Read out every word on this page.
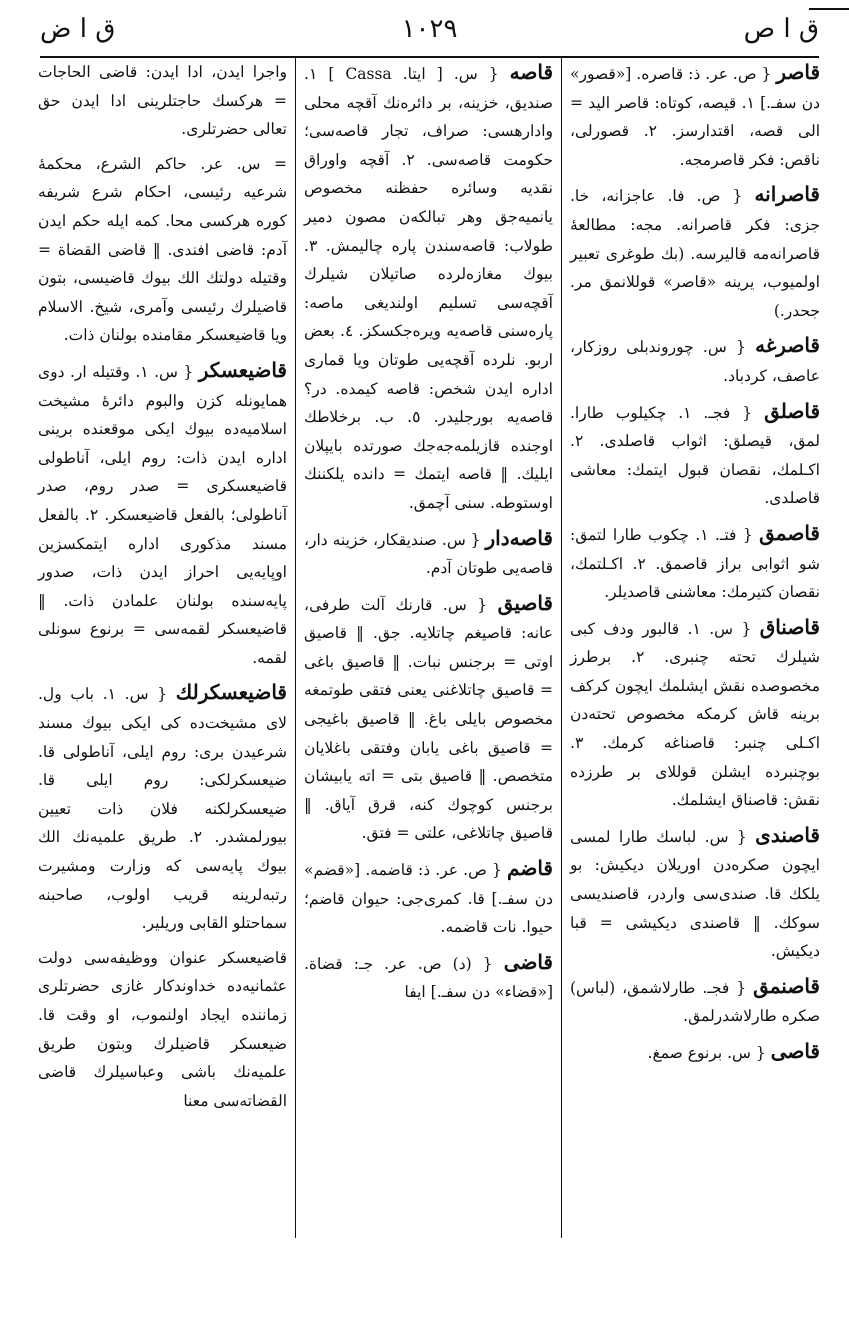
ق ا ص
١٠٢٩
ق ا ض

قاصر { ص. عر. ذ: قاصره. [«قصور» دن سفـ.] ١. قيصه، كوتاه: قاصر اليد = الى قصه، اقتدارسز. ٢. قصورلى، ناقص: فكر قاصرمجه.

قاصرانه { ص. فا. عاجزانه، خا. جزى: فكر قاصرانه. مجه: مطالعهٔ قاصرانه‌مه قاليرسه. (بك طوغرى تعبير اولميوب، يرينه «قاصر» قوللانمق مر. جحدر.)

قاصرغه { س. چوروندبلى روزكار، عاصف، كردباد.

قاصلق { فجـ. ١. چكيلوب طارا. لمق، قيصلق: اثواب قاصلدى. ٢. اكـلمك، نقصان قبول ايتمك: معاشى قاصلدى.

قاصمق { فتـ. ١. چكوب طارا لتمق: شو اثوابى براز قاصمق. ٢. اكـلتمك، نقصان كتيرمك: معاشنى قاصديلر.

قاصناق { س. ١. قالبور ودف كبى شيلرك تحته چنبرى. ٢. برطرز مخصوصده نقش ايشلمك ايچون كركف برينه قاش كرمكه مخصوص تحته‌دن اكـلى چنبر: قاصناغه كرمك. ٣. بوچنبرده ايشلن قوللاى بر طرزده نقش: قاصناق ايشلمك.

قاصندى { س. لباسك طارا لمسى ايچون صكره‌دن اوريلان ديكيش: بو يلكك قا. صندى‌سى واردر، قاصنديسى سوكك. ‖ قاصندى ديكيشى = قبا ديكيش.

قاصنمق { فجـ. طارلاشمق، (لباس) صكره طارلاشدرلمق.

قاصى { س. برنوع صمغ.

قاصه { س. [ ايتا. Cassa ] ١. صنديق، خزينه، بر دائره‌نك آقچه محلى وادارهسى: صراف، تجار قاصه‌سى؛ حكومت قاصه‌سى. ٢. آقچه واوراق نقديه وسائره حفظنه مخصوص يانميه‌جق وهر تبالكه‌ن مصون دمير طولاب: قاصه‌سندن پاره چاليمش. ٣. بيوك مغازه‌لرده صاتيلان شيلرك آقچه‌سى تسليم اولنديغى ماصه: پاره‌سنى قاصه‌يه ويره‌جكسكز. ٤. بعض اربو. نلرده آقچه‌يى طوتان ويا قمارى اداره ايدن شخص: قاصه كيمده. در؟ قاصه‌يه بورجليدر. ٥. ب. برخلاطك اوجنده قازيلمه‌جه‌جك صورتده بايپلان ايليك. ‖ قاصه ايتمك = دانده يلكننك اوستوطه. سنى آچمق.

قاصه‌دار { س. صنديقكار، خزينه دار، قاصه‌يى طوتان آدم.

قاصيق { س. قارنك آلت طرفى، عانه: قاصيغم چاتلايه. جق. ‖ قاصيق اوتى = برجنس نبات. ‖ قاصيق باغى = قاصيق چاتلاغنى يعنى فتقى طوتمغه مخصوص بايلى باغ. ‖ قاصيق باغيجى = قاصيق باغى يابان وفتقى باغلايان متخصص. ‖ قاصيق بتى = اته يابيشان برجنس كوچوك كنه، قرق آياق. ‖ قاصيق چاتلاغى، علتى = فتق.

قاضم { ص. عر. ذ: قاضمه. [«قضم» دن سفـ.] قا. كمرى‌جى: حيوان قاضم؛ حيوا. نات قاضمه.

قاضى { (د) ص. عر. جـ: قضاة. [«قضاء» دن سفـ.] ايفا

واجرا ايدن، ادا ايدن: قاضى الحاجات = هركسك حاجتلرينى ادا ايدن حق تعالى حضرتلرى.

= س. عر. حاكم الشرع، محكمهٔ شرعيه رئيسى، احكام شرع شريفه كوره هركسى محا. كمه ايله حكم ايدن آدم: قاضى افندى. ‖ قاضى القضاة = وقتيله دولتك الك بيوك قاضيسى، بتون قاضيلرك رئيسى وآمرى، شيخ. الاسلام ويا قاضيعسكر مقامنده بولنان ذات.

قاضيعسكر { س. ١. وقتيله ار. دوى همايونله كزن والبوم دائرهٔ مشيخت اسلاميه‌ده بيوك ايكى موقعنده برينى اداره ايدن ذات: روم ايلى، آناطولى قاضيعسكرى = صدر روم، صدر آناطولى؛ بالفعل قاضيعسكر. ٢. بالفعل مسند مذكورى اداره ايتمكسزين اوپايه‌يى احراز ايدن ذات، صدور پايه‌سنده بولنان علمادن ذات. ‖ قاضيعسكر لقمه‌سى = برنوع سونلى لقمه.

قاضيعسكرلك { س. ١. باب ول. لاى مشيخت‌ده كى ايكى بيوك مسند شرعيدن برى: روم ايلى، آناطولى قا. ضيعسكرلكى: روم ايلى قا. ضيعسكرلكنه فلان ذات تعيين بيورلمشدر. ٢. طريق علميه‌نك الك بيوك پايه‌سى كه وزارت ومشيرت رتبه‌لرينه قريب اولوب، صاحبنه سماحتلو القابى وريلير.

قاضيعسكر عنوان ووظيفه‌سى دولت عثمانيه‌ده خداوندكار غازى حضرتلرى زماننده ايجاد اولنموب، او وقت قا. ضيعسكر قاضيلرك وبتون طريق علميه‌نك باشى وعباسيلرك قاضى القضاته‌سى معنا
